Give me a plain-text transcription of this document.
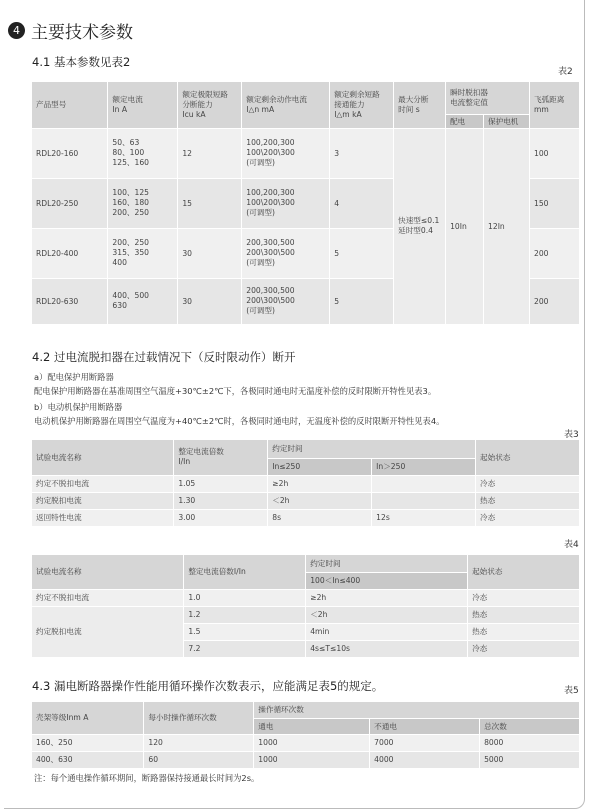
4 主要技术参数
4.1 基本参数见表2
表2
产品型号	额定电流
In A	额定极限短路
分断能力
Icu kA	额定剩余动作电流
I△n mA	额定剩余短路
接通能力
I△m kA	最大分断
时间 s	瞬时脱扣器
电流整定值		飞弧距离
mm
						配电	保护电机	
RDL20-160	50、63
80、100
125、160	12	100,200,300
100\200\300
(可调型)	3	快速型≤0.1
延时型0.4	10In	12In	100
RDL20-250	100、125
160、180
200、250	15	100,200,300
100\200\300
(可调型)	4				150
RDL20-400	200、250
315、350
400	30	200,300,500
200\300\500
(可调型)	5				200
RDL20-630	400、500
630	30	200,300,500
200\300\500
(可调型)	5				200
4.2 过电流脱扣器在过载情况下（反时限动作）断开
a）配电保护用断路器
配电保护用断路器在基准周围空气温度+30℃±2℃下，各极同时通电时无温度补偿的反时限断开特性见表3。
b）电动机保护用断路器
电动机保护用断路器在周围空气温度为+40℃±2℃时，各极同时通电时，无温度补偿的反时限断开特性见表4。
表3
试验电流名称	整定电流倍数
I/In	约定时间		起始状态
		In≤250	In＞250	
约定不脱扣电流	1.05	≥2h		冷态
约定脱扣电流	1.30	＜2h		热态
返回特性电流	3.00	8s	12s	冷态
表4
试验电流名称	整定电流倍数I/In	约定时间	起始状态
		100＜In≤400	
约定不脱扣电流	1.0	≥2h	冷态
约定脱扣电流	1.2	＜2h	热态
	1.5	4min	热态
	7.2	4s≤T≤10s	冷态
4.3 漏电断路器操作性能用循环操作次数表示，应能满足表5的规定。	表5
壳架等级Inm A	每小时操作循环次数	操作循环次数		
		通电	不通电	总次数
160、250	120	1000	7000	8000
400、630	60	1000	4000	5000
注：每个通电操作循环期间，断路器保持接通最长时间为2s。
